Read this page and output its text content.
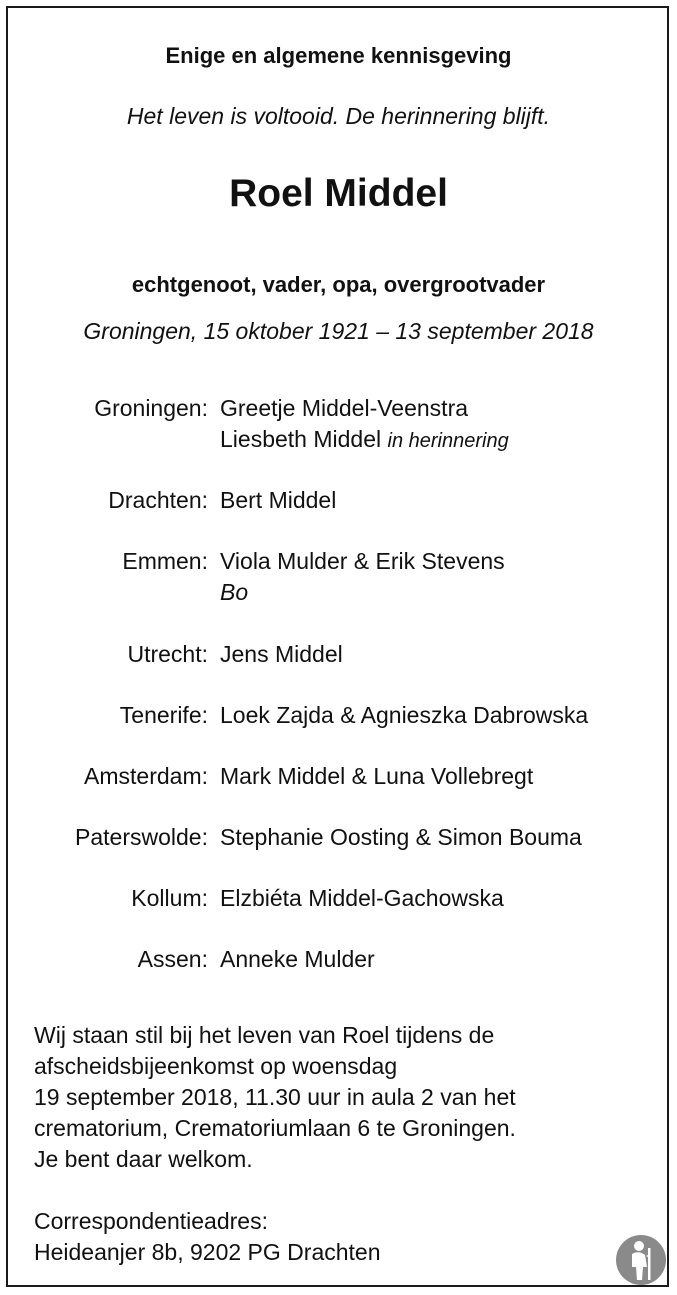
Enige en algemene kennisgeving
Het leven is voltooid. De herinnering blijft.
Roel Middel
echtgenoot, vader, opa, overgrootvader
Groningen, 15 oktober 1921 – 13 september 2018
Groningen: Greetje Middel-Veenstra
Liesbeth Middel in herinnering
Drachten: Bert Middel
Emmen: Viola Mulder & Erik Stevens
Bo
Utrecht: Jens Middel
Tenerife: Loek Zajda & Agnieszka Dabrowska
Amsterdam: Mark Middel & Luna Vollebregt
Paterswolde: Stephanie Oosting & Simon Bouma
Kollum: Elzbiéta Middel-Gachowska
Assen: Anneke Mulder
Wij staan stil bij het leven van Roel tijdens de
afscheidsbijeenkomst op woensdag
19 september 2018, 11.30 uur in aula 2 van het
crematorium, Crematoriumlaan 6 te Groningen.
Je bent daar welkom.
Correspondentieadres:
Heideanjer 8b, 9202 PG Drachten
